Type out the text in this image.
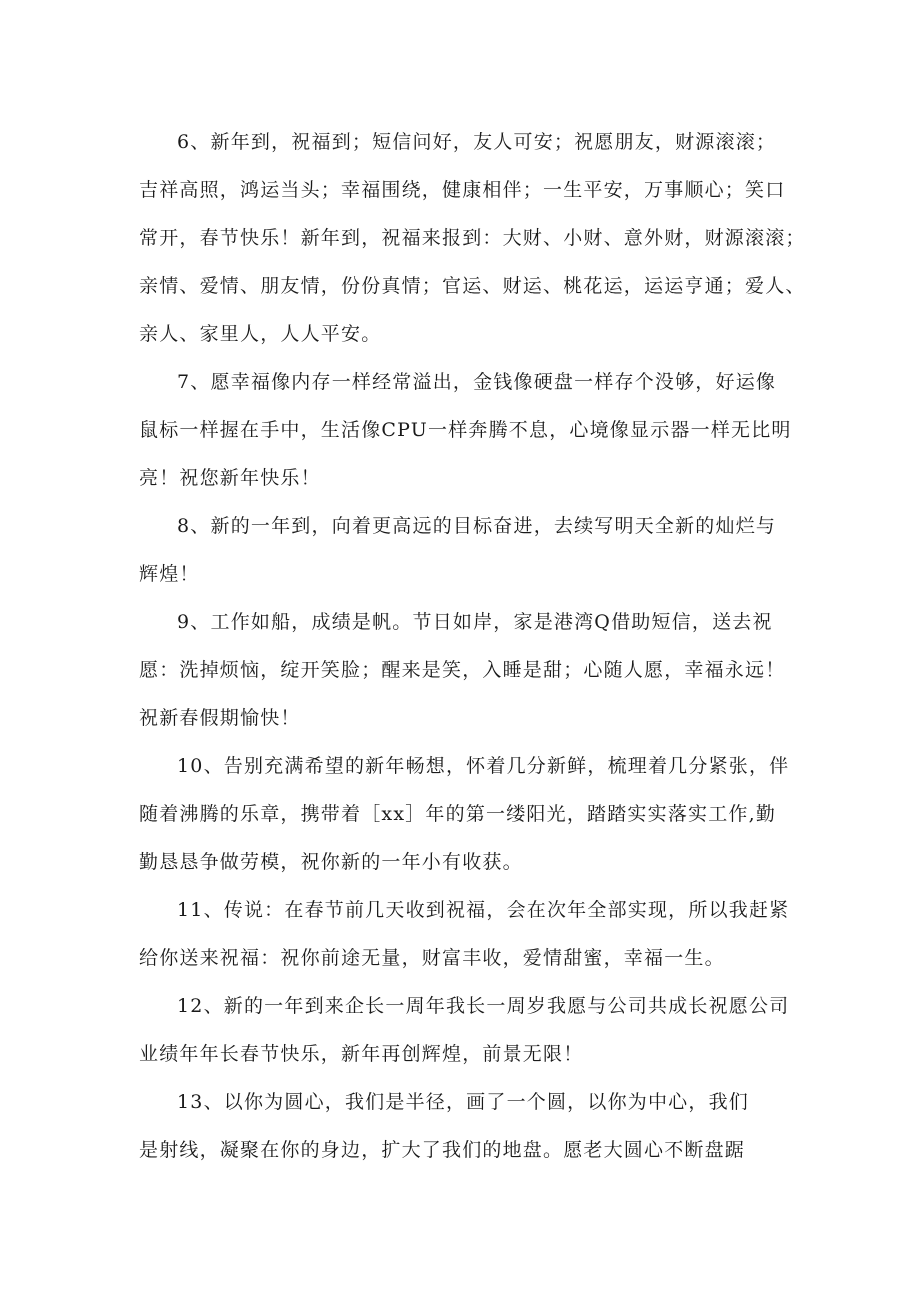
6、新年到，祝福到；短信问好，友人可安；祝愿朋友，财源滚滚；
吉祥高照，鸿运当头；幸福围绕，健康相伴；一生平安，万事顺心；笑口
常开，春节快乐！新年到，祝福来报到：大财、小财、意外财，财源滚滚；
亲情、爱情、朋友情，份份真情；官运、财运、桃花运，运运亨通；爱人、
亲人、家里人，人人平安。

7、愿幸福像内存一样经常溢出，金钱像硬盘一样存个没够，好运像
鼠标一样握在手中，生活像CPU一样奔腾不息，心境像显示器一样无比明
亮！祝您新年快乐！

8、新的一年到，向着更高远的目标奋进，去续写明天全新的灿烂与
辉煌！

9、工作如船，成绩是帆。节日如岸，家是港湾Q借助短信，送去祝
愿：洗掉烦恼，绽开笑脸；醒来是笑，入睡是甜；心随人愿，幸福永远！
祝新春假期愉快！

10、告别充满希望的新年畅想，怀着几分新鲜，梳理着几分紧张，伴
随着沸腾的乐章，携带着［xx］年的第一缕阳光，踏踏实实落实工作,勤
勤恳恳争做劳模，祝你新的一年小有收获。

11、传说：在春节前几天收到祝福，会在次年全部实现，所以我赶紧
给你送来祝福：祝你前途无量，财富丰收，爱情甜蜜，幸福一生。

12、新的一年到来企长一周年我长一周岁我愿与公司共成长祝愿公司
业绩年年长春节快乐，新年再创辉煌，前景无限！

13、以你为圆心，我们是半径，画了一个圆，以你为中心，我们
是射线，凝聚在你的身边，扩大了我们的地盘。愿老大圆心不断盘踞
